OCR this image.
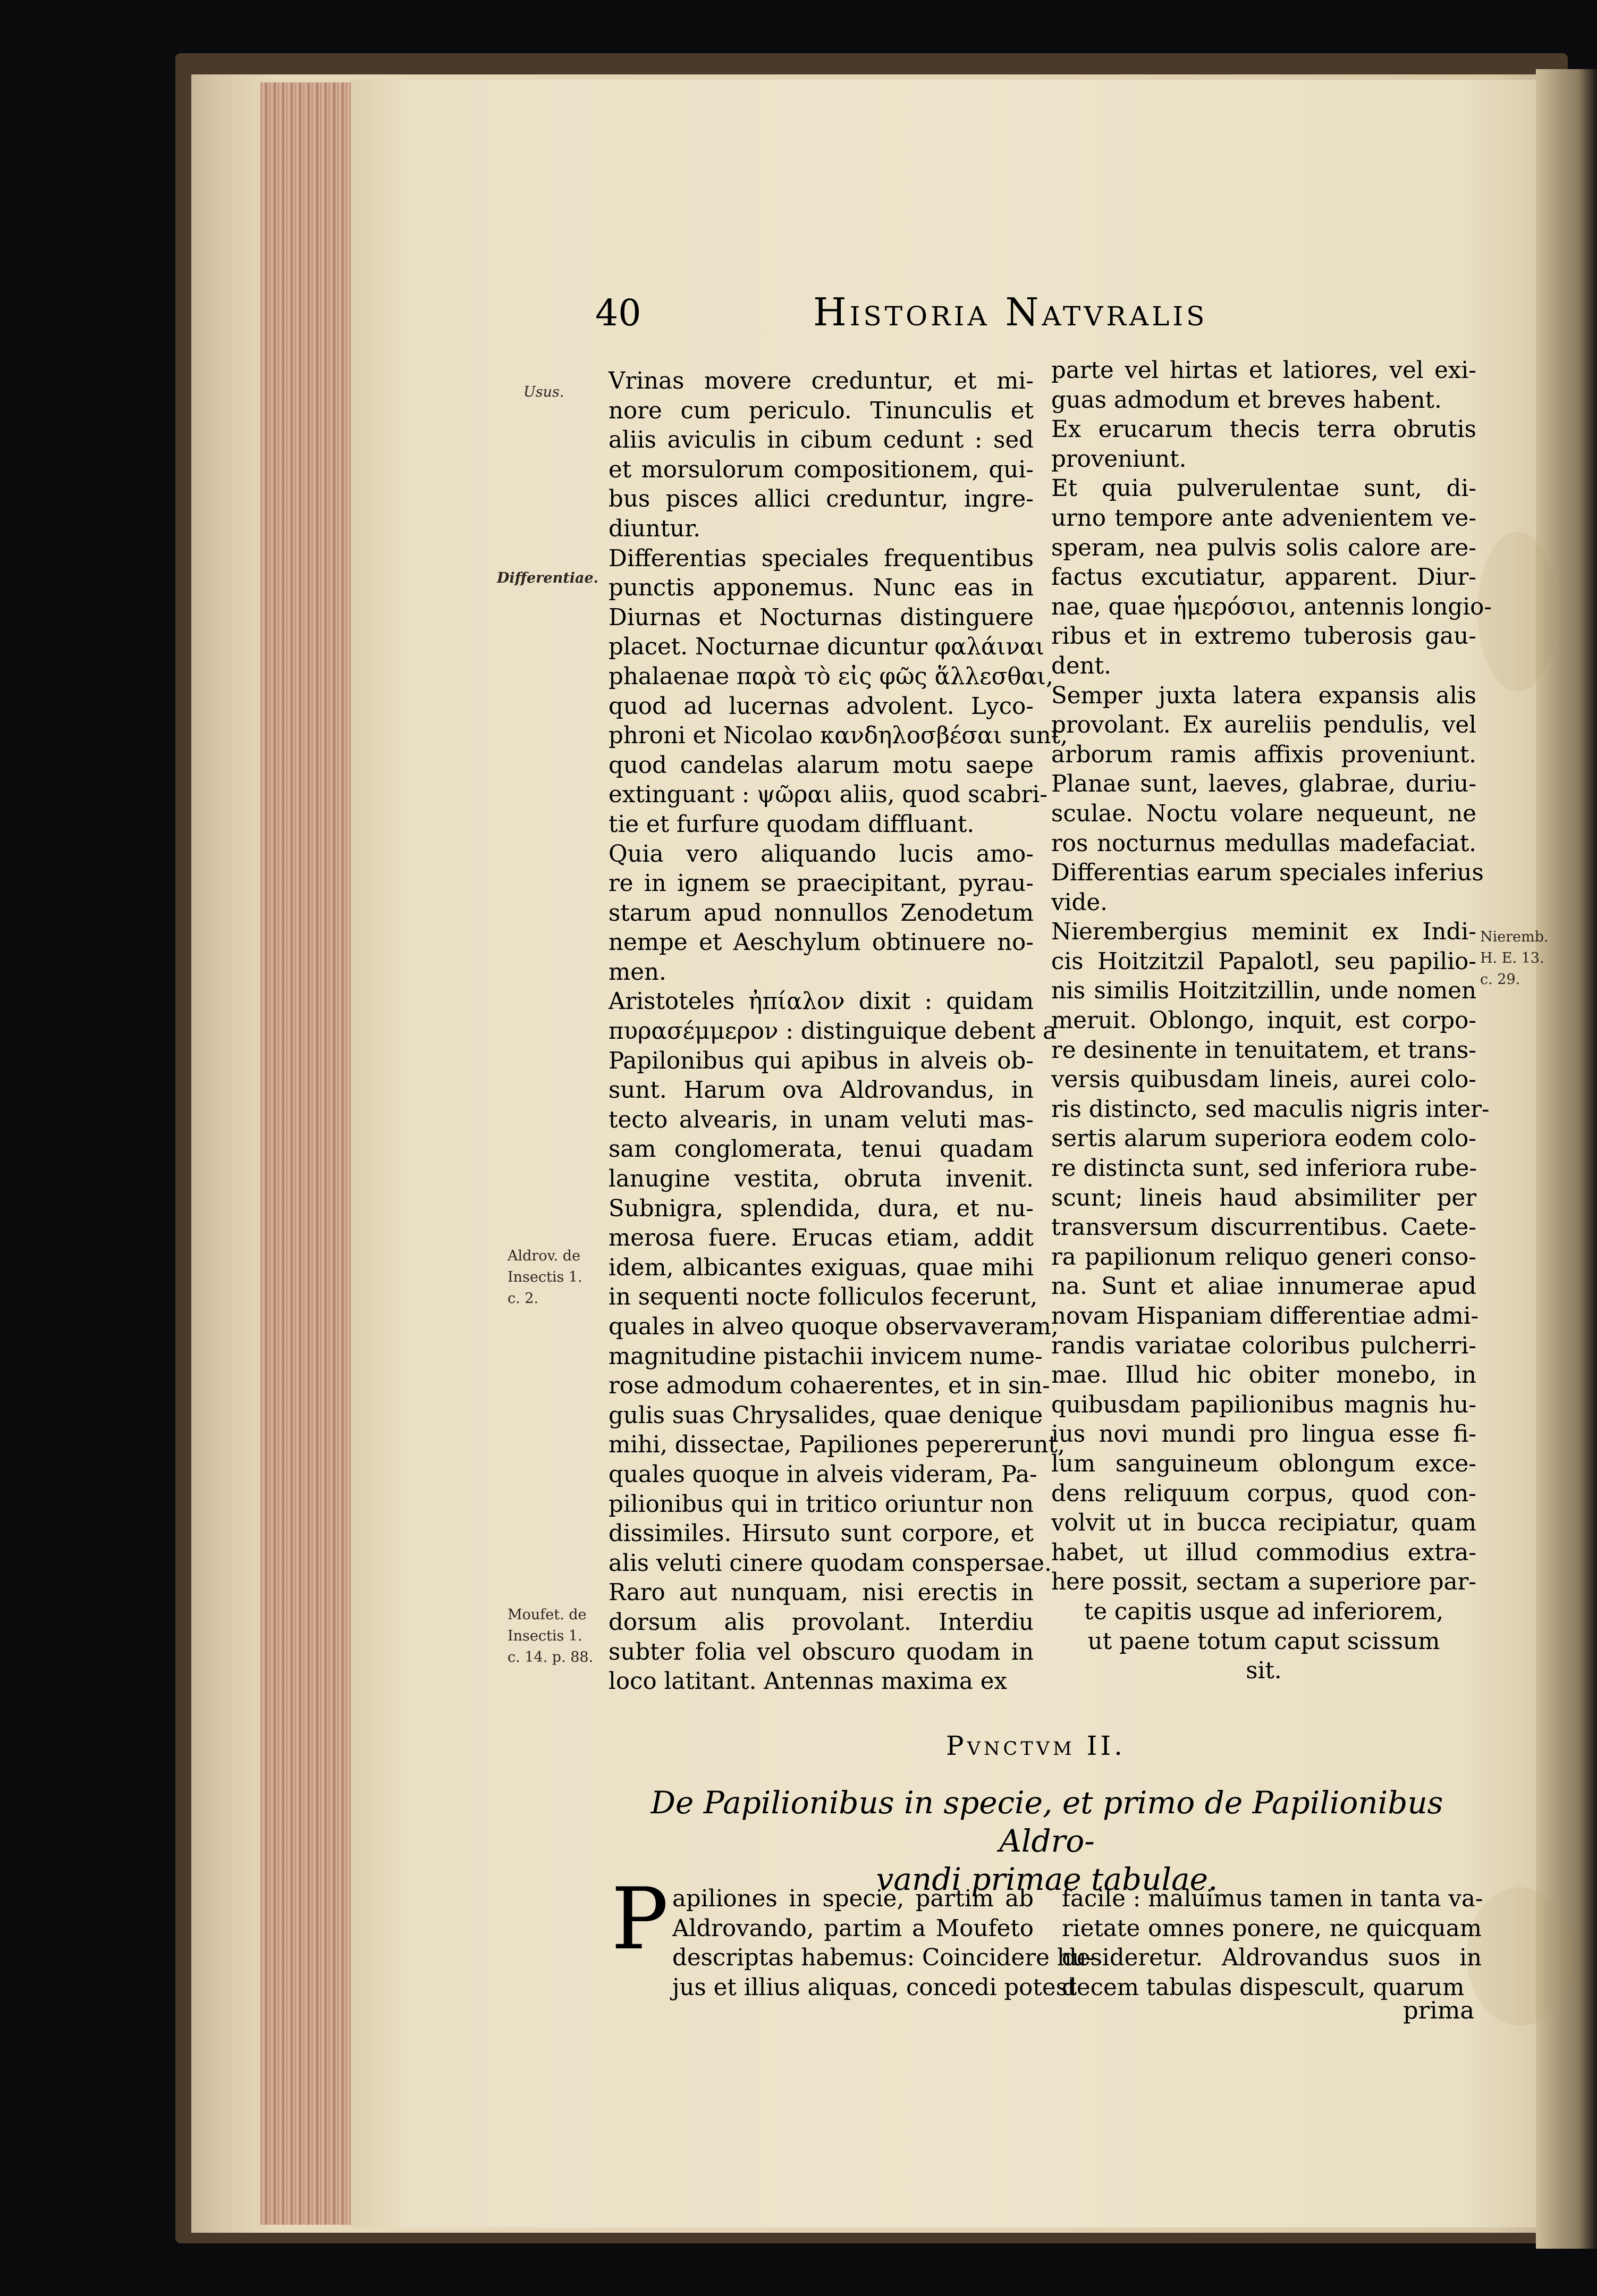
40	Historia Natvralis
Usus.
Differentiae.
Aldrov. de
Insectis 1.
c. 2.
Moufet. de
Insectis 1.
c. 14. p. 88.
Nieremb.
H. E. 13.
c. 29.

Vrinas movere creduntur, et mi-

nore cum periculo. Tinunculis et

aliis aviculis in cibum cedunt : sed

et morsulorum compositionem, qui-

bus pisces allici creduntur, ingre-

diuntur.

Differentias speciales frequentibus

punctis apponemus. Nunc eas in

Diurnas et Nocturnas distinguere

placet. Nocturnae dicuntur φαλάιναι

phalaenae παρὰ τὸ εἰς φῶς ἅλλεσθαι,

quod ad lucernas advolent. Lyco-

phroni et Nicolao κανδηλοσβέσαι sunt,

quod candelas alarum motu saepe

extinguant : ψῶραι aliis, quod scabri-

tie et furfure quodam diffluant.

Quia vero aliquando lucis amo-

re in ignem se praecipitant, pyrau-

starum apud nonnullos Zenodetum

nempe et Aeschylum obtinuere no-

men.

Aristoteles ἠπίαλον dixit : quidam

πυρασέμμερον : distinguique debent a

Papilonibus qui apibus in alveis ob-

sunt. Harum ova Aldrovandus, in

tecto alvearis, in unam veluti mas-

sam conglomerata, tenui quadam

lanugine vestita, obruta invenit.

Subnigra, splendida, dura, et nu-

merosa fuere. Erucas etiam, addit

idem, albicantes exiguas, quae mihi

in sequenti nocte folliculos fecerunt,

quales in alveo quoque observaveram,

magnitudine pistachii invicem nume-

rose admodum cohaerentes, et in sin-

gulis suas Chrysalides, quae denique

mihi, dissectae, Papiliones pepererunt,

quales quoque in alveis videram, Pa-

pilionibus qui in tritico oriuntur non

dissimiles. Hirsuto sunt corpore, et

alis veluti cinere quodam conspersae.

Raro aut nunquam, nisi erectis in

dorsum alis provolant. Interdiu

subter folia vel obscuro quodam in

loco latitant. Antennas maxima ex

parte vel hirtas et latiores, vel exi-

guas admodum et breves habent.

Ex erucarum thecis terra obrutis

proveniunt.

Et quia pulverulentae sunt, di-

urno tempore ante advenientem ve-

speram, nea pulvis solis calore are-

factus excutiatur, apparent. Diur-

nae, quae ἡμερόσιοι, antennis longio-

ribus et in extremo tuberosis gau-

dent.

Semper juxta latera expansis alis

provolant. Ex aureliis pendulis, vel

arborum ramis affixis proveniunt.

Planae sunt, laeves, glabrae, duriu-

sculae. Noctu volare nequeunt, ne

ros nocturnus medullas madefaciat.

Differentias earum speciales inferius

vide.

Nierembergius meminit ex Indi-

cis Hoitzitzil Papalotl, seu papilio-

nis similis Hoitzitzillin, unde nomen

meruit. Oblongo, inquit, est corpo-

re desinente in tenuitatem, et trans-

versis quibusdam lineis, aurei colo-

ris distincto, sed maculis nigris inter-

sertis alarum superiora eodem colo-

re distincta sunt, sed inferiora rube-

scunt; lineis haud absimiliter per

transversum discurrentibus. Caete-

ra papilionum reliquo generi conso-

na. Sunt et aliae innumerae apud

novam Hispaniam differentiae admi-

randis variatae coloribus pulcherri-

mae. Illud hic obiter monebo, in

quibusdam papilionibus magnis hu-

ius novi mundi pro lingua esse fi-

lum sanguineum oblongum exce-

dens reliquum corpus, quod con-

volvit ut in bucca recipiatur, quam

habet, ut illud commodius extra-

here possit, sectam a superiore par-

te capitis usque ad inferiorem,

ut paene totum caput scissum

sit.

Pvnctvm II.
De Papilionibus in specie, et primo de Papilionibus Aldro-
vandi primae tabulae.
P apiliones in specie, partim ab

Aldrovando, partim a Moufeto

descriptas habemus: Coincidere hu-

jus et illius aliquas, concedi potest

facile : maluimus tamen in tanta va-

rietate omnes ponere, ne quicquam

desideretur. Aldrovandus suos in

decem tabulas dispescult, quarum

prima
